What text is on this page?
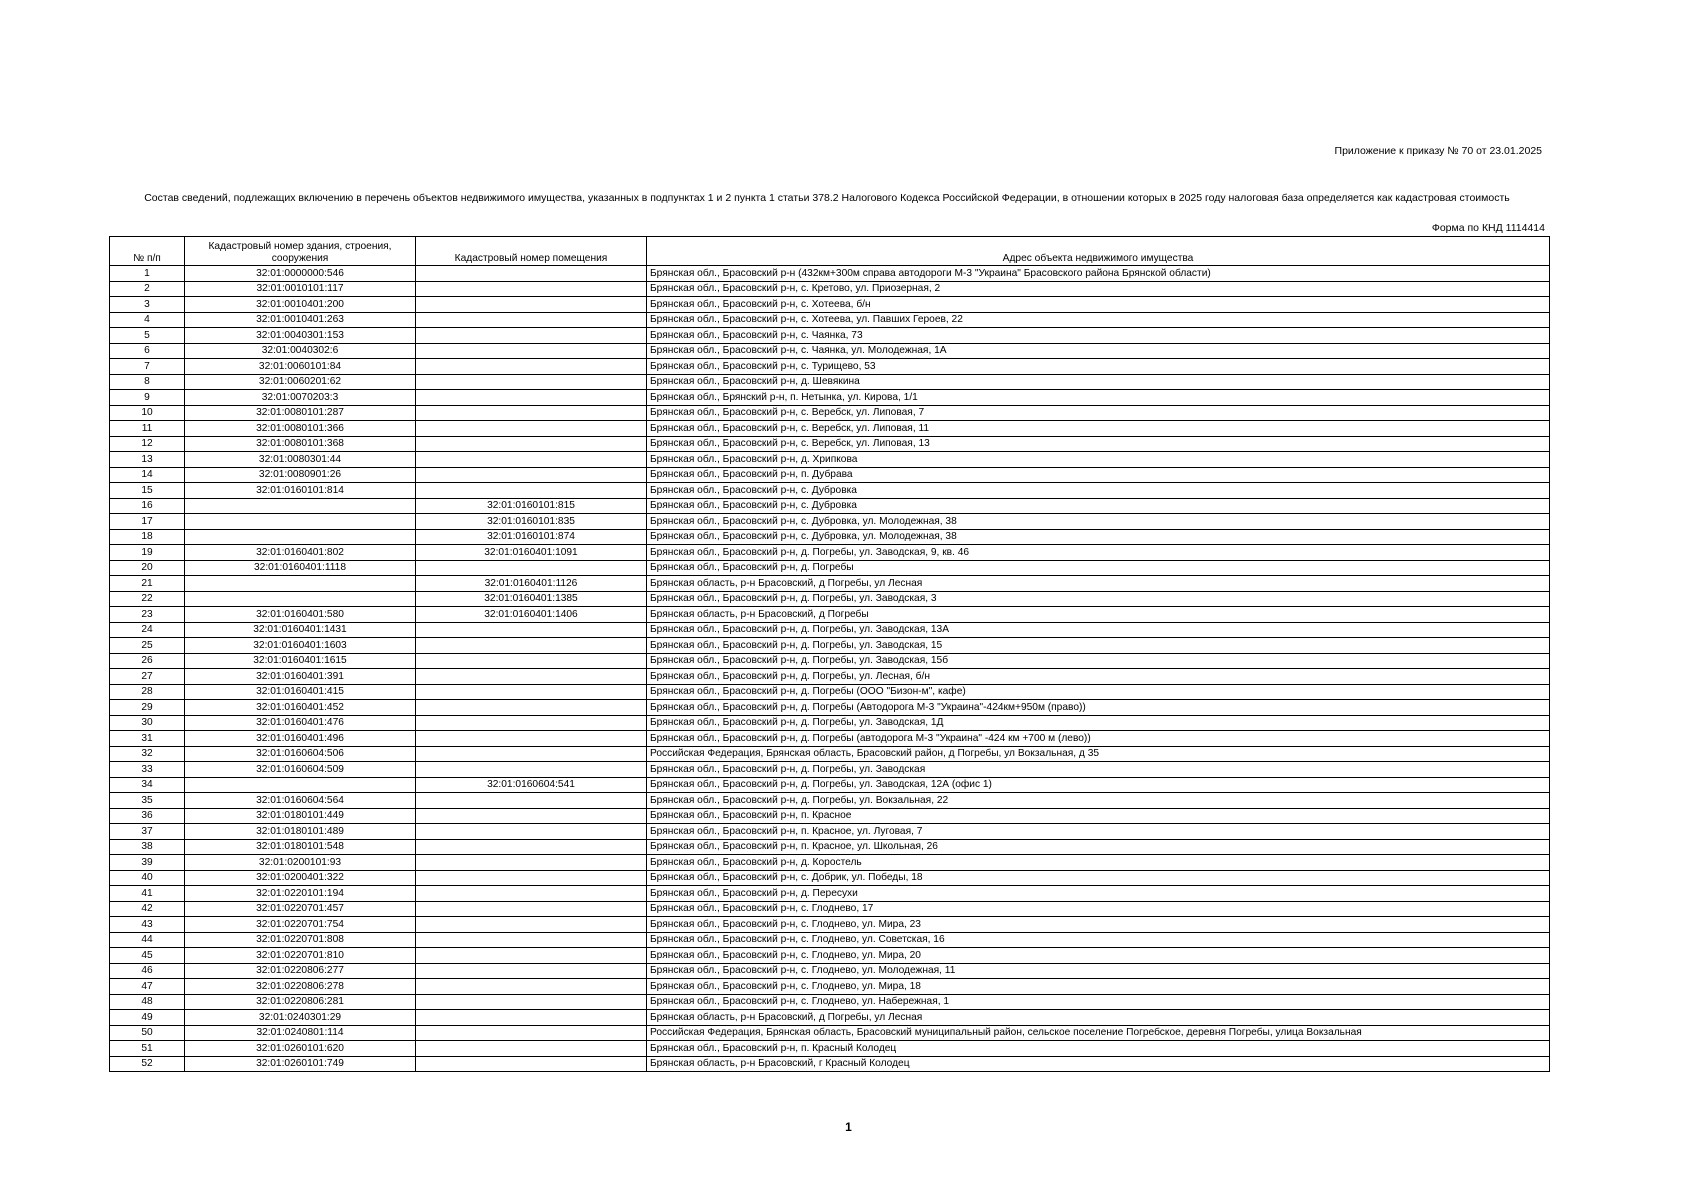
Приложение к приказу № 70 от 23.01.2025
Состав сведений, подлежащих включению в перечень объектов недвижимого имущества, указанных в подпунктах 1 и 2 пункта 1 статьи 378.2 Налогового Кодекса Российской Федерации, в отношении которых в 2025 году налоговая база определяется как кадастровая стоимость
Форма по КНД 1114414
№ п/п	Кадастровый номер здания, строения, сооружения	Кадастровый номер помещения	Адрес объекта недвижимого имущества
1	32:01:0000000:546		Брянская обл., Брасовский р-н (432км+300м справа автодороги М-3 "Украина" Брасовского района Брянской области)
2	32:01:0010101:117		Брянская обл., Брасовский р-н, с. Кретово, ул. Приозерная, 2
3	32:01:0010401:200		Брянская обл., Брасовский р-н, с. Хотеева, б/н
4	32:01:0010401:263		Брянская обл., Брасовский р-н, с. Хотеева, ул. Павших Героев, 22
5	32:01:0040301:153		Брянская обл., Брасовский р-н, с. Чаянка, 73
6	32:01:0040302:6		Брянская обл., Брасовский р-н, с. Чаянка, ул. Молодежная, 1А
7	32:01:0060101:84		Брянская обл., Брасовский р-н, с. Турищево, 53
8	32:01:0060201:62		Брянская обл., Брасовский р-н, д. Шевякина
9	32:01:0070203:3		Брянская обл., Брянский р-н, п. Нетынка, ул. Кирова, 1/1
10	32:01:0080101:287		Брянская обл., Брасовский р-н, с. Веребск, ул. Липовая, 7
11	32:01:0080101:366		Брянская обл., Брасовский р-н, с. Веребск, ул. Липовая, 11
12	32:01:0080101:368		Брянская обл., Брасовский р-н, с. Веребск, ул. Липовая, 13
13	32:01:0080301:44		Брянская обл., Брасовский р-н, д. Хрипкова
14	32:01:0080901:26		Брянская обл., Брасовский р-н, п. Дубрава
15	32:01:0160101:814		Брянская обл., Брасовский р-н, с. Дубровка
16		32:01:0160101:815	Брянская обл., Брасовский р-н, с. Дубровка
17		32:01:0160101:835	Брянская обл., Брасовский р-н, с. Дубровка, ул. Молодежная, 38
18		32:01:0160101:874	Брянская обл., Брасовский р-н, с. Дубровка, ул. Молодежная, 38
19	32:01:0160401:802	32:01:0160401:1091	Брянская обл., Брасовский р-н, д. Погребы, ул. Заводская, 9, кв. 46
20	32:01:0160401:1118		Брянская обл., Брасовский р-н, д. Погребы
21		32:01:0160401:1126	Брянская область, р-н Брасовский, д Погребы, ул Лесная
22		32:01:0160401:1385	Брянская обл., Брасовский р-н, д. Погребы, ул. Заводская, 3
23	32:01:0160401:580	32:01:0160401:1406	Брянская область, р-н Брасовский, д Погребы
24	32:01:0160401:1431		Брянская обл., Брасовский р-н, д. Погребы, ул. Заводская, 13А
25	32:01:0160401:1603		Брянская обл., Брасовский р-н, д. Погребы, ул. Заводская, 15
26	32:01:0160401:1615		Брянская обл., Брасовский р-н, д. Погребы, ул. Заводская, 15б
27	32:01:0160401:391		Брянская обл., Брасовский р-н, д. Погребы, ул. Лесная, б/н
28	32:01:0160401:415		Брянская обл., Брасовский р-н, д. Погребы (ООО "Бизон-м", кафе)
29	32:01:0160401:452		Брянская обл., Брасовский р-н, д. Погребы (Автодорога М-3 "Украина"-424км+950м (право))
30	32:01:0160401:476		Брянская обл., Брасовский р-н, д. Погребы, ул. Заводская, 1Д
31	32:01:0160401:496		Брянская обл., Брасовский р-н, д. Погребы (автодорога М-3 "Украина" -424 км +700 м (лево))
32	32:01:0160604:506		Российская Федерация, Брянская область, Брасовский район, д Погребы, ул Вокзальная, д 35
33	32:01:0160604:509		Брянская обл., Брасовский р-н, д. Погребы, ул. Заводская
34		32:01:0160604:541	Брянская обл., Брасовский р-н, д. Погребы, ул. Заводская, 12А (офис 1)
35	32:01:0160604:564		Брянская обл., Брасовский р-н, д. Погребы, ул. Вокзальная, 22
36	32:01:0180101:449		Брянская обл., Брасовский р-н, п. Красное
37	32:01:0180101:489		Брянская обл., Брасовский р-н, п. Красное, ул. Луговая, 7
38	32:01:0180101:548		Брянская обл., Брасовский р-н, п. Красное, ул. Школьная, 26
39	32:01:0200101:93		Брянская обл., Брасовский р-н, д. Коростель
40	32:01:0200401:322		Брянская обл., Брасовский р-н, с. Добрик, ул. Победы, 18
41	32:01:0220101:194		Брянская обл., Брасовский р-н, д. Пересухи
42	32:01:0220701:457		Брянская обл., Брасовский р-н, с. Глоднево, 17
43	32:01:0220701:754		Брянская обл., Брасовский р-н, с. Глоднево, ул. Мира, 23
44	32:01:0220701:808		Брянская обл., Брасовский р-н, с. Глоднево, ул. Советская, 16
45	32:01:0220701:810		Брянская обл., Брасовский р-н, с. Глоднево, ул. Мира, 20
46	32:01:0220806:277		Брянская обл., Брасовский р-н, с. Глоднево, ул. Молодежная, 11
47	32:01:0220806:278		Брянская обл., Брасовский р-н, с. Глоднево, ул. Мира, 18
48	32:01:0220806:281		Брянская обл., Брасовский р-н, с. Глоднево, ул. Набережная, 1
49	32:01:0240301:29		Брянская область, р-н Брасовский, д Погребы, ул Лесная
50	32:01:0240801:114		Российская Федерация, Брянская область, Брасовский муниципальный район, сельское поселение Погребское, деревня Погребы, улица Вокзальная
51	32:01:0260101:620		Брянская обл., Брасовский р-н, п. Красный Колодец
52	32:01:0260101:749		Брянская область, р-н Брасовский, г Красный Колодец
1
